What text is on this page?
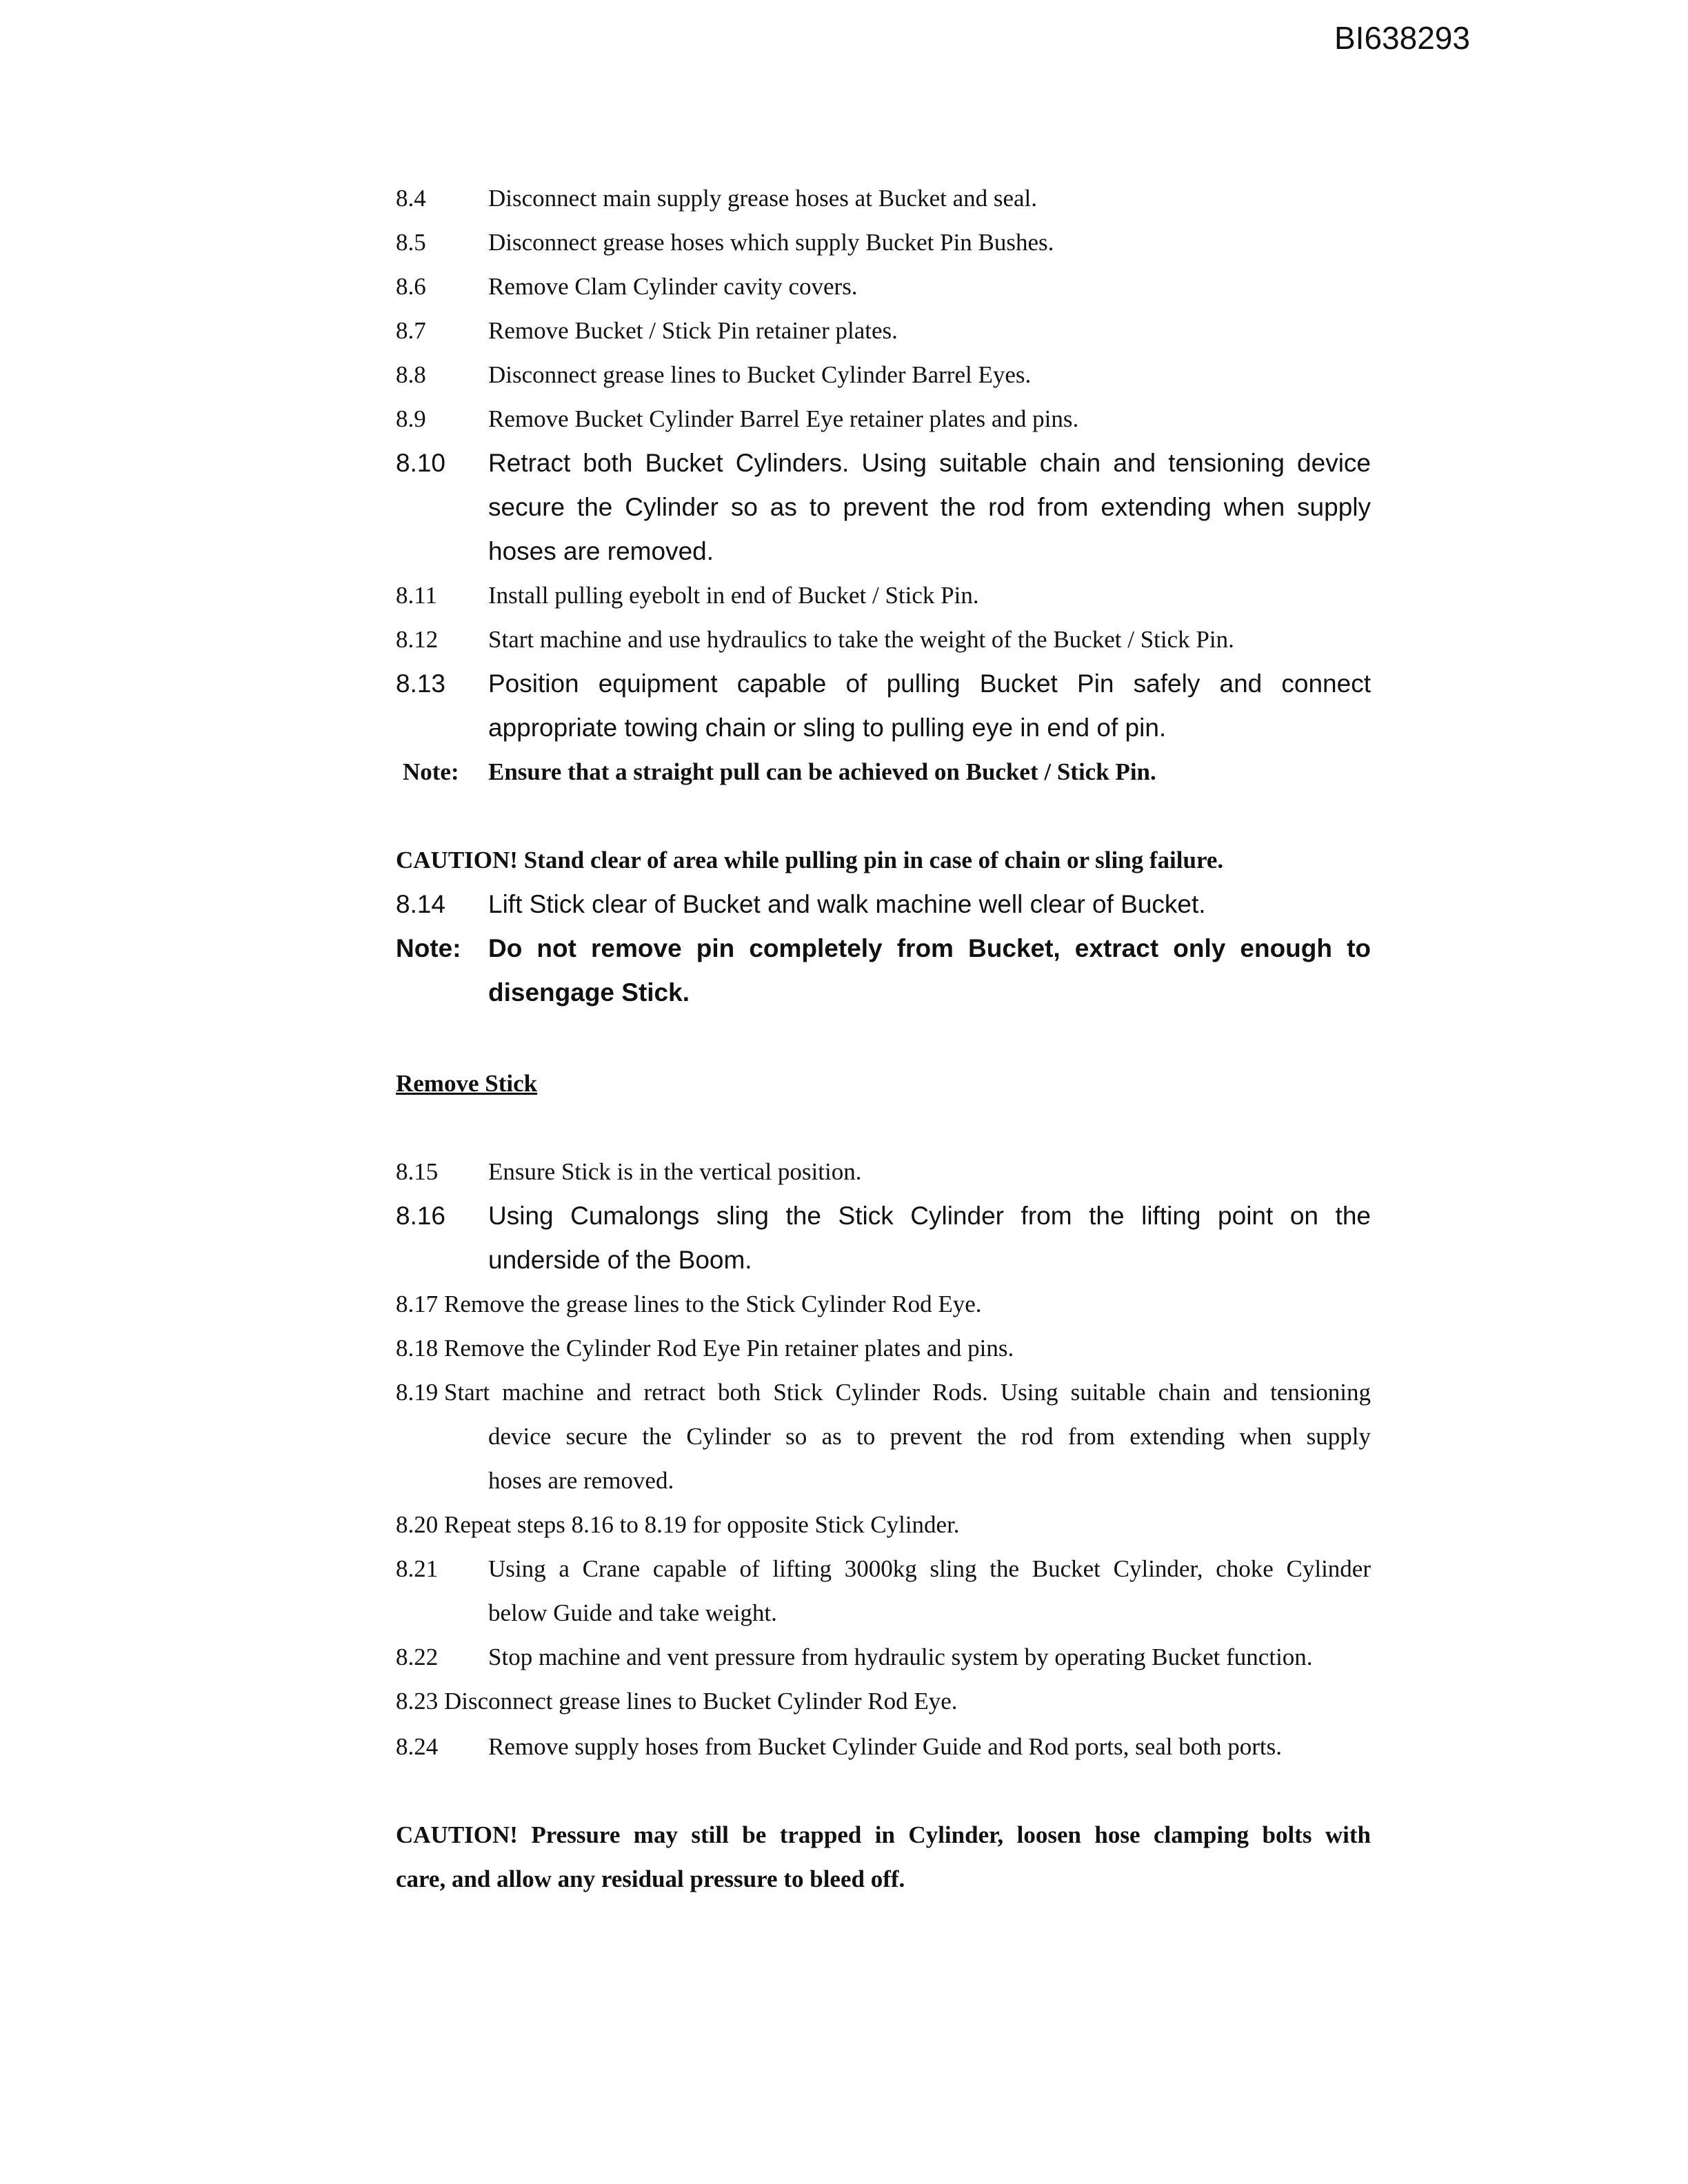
BI638293
8.4	Disconnect main supply grease hoses at Bucket and seal.
8.5	Disconnect grease hoses which supply Bucket Pin Bushes.
8.6	Remove Clam Cylinder cavity covers.
8.7	Remove Bucket / Stick Pin retainer plates.
8.8	Disconnect grease lines to Bucket Cylinder Barrel Eyes.
8.9	Remove Bucket Cylinder Barrel Eye retainer plates and pins.
8.10 Retract both Bucket Cylinders. Using suitable chain and tensioning device
secure the Cylinder so as to prevent the rod from extending when supply
hoses are removed.
8.11 Install pulling eyebolt in end of Bucket / Stick Pin.
8.12 Start machine and use hydraulics to take the weight of the Bucket / Stick Pin.
8.13 Position equipment capable of pulling Bucket Pin safely and connect
appropriate towing chain or sling to pulling eye in end of pin.
Note: Ensure that a straight pull can be achieved on Bucket / Stick Pin.
CAUTION! Stand clear of area while pulling pin in case of chain or sling failure.
8.14 Lift Stick clear of Bucket and walk machine well clear of Bucket.
Note: Do not remove pin completely from Bucket, extract only enough to
disengage Stick.
Remove Stick
8.15 Ensure Stick is in the vertical position.
8.16 Using Cumalongs sling the Stick Cylinder from the lifting point on the
underside of the Boom.
8.17 Remove the grease lines to the Stick Cylinder Rod Eye.
8.18 Remove the Cylinder Rod Eye Pin retainer plates and pins.
8.19 Start machine and retract both Stick Cylinder Rods. Using suitable chain and tensioning
device secure the Cylinder so as to prevent the rod from extending when supply
hoses are removed.
8.20 Repeat steps 8.16 to 8.19 for opposite Stick Cylinder.
8.21 Using a Crane capable of lifting 3000kg sling the Bucket Cylinder, choke Cylinder
below Guide and take weight.
8.22 Stop machine and vent pressure from hydraulic system by operating Bucket function.
8.23 Disconnect grease lines to Bucket Cylinder Rod Eye.
8.24 Remove supply hoses from Bucket Cylinder Guide and Rod ports, seal both ports.
CAUTION! Pressure may still be trapped in Cylinder, loosen hose clamping bolts with
care, and allow any residual pressure to bleed off.
